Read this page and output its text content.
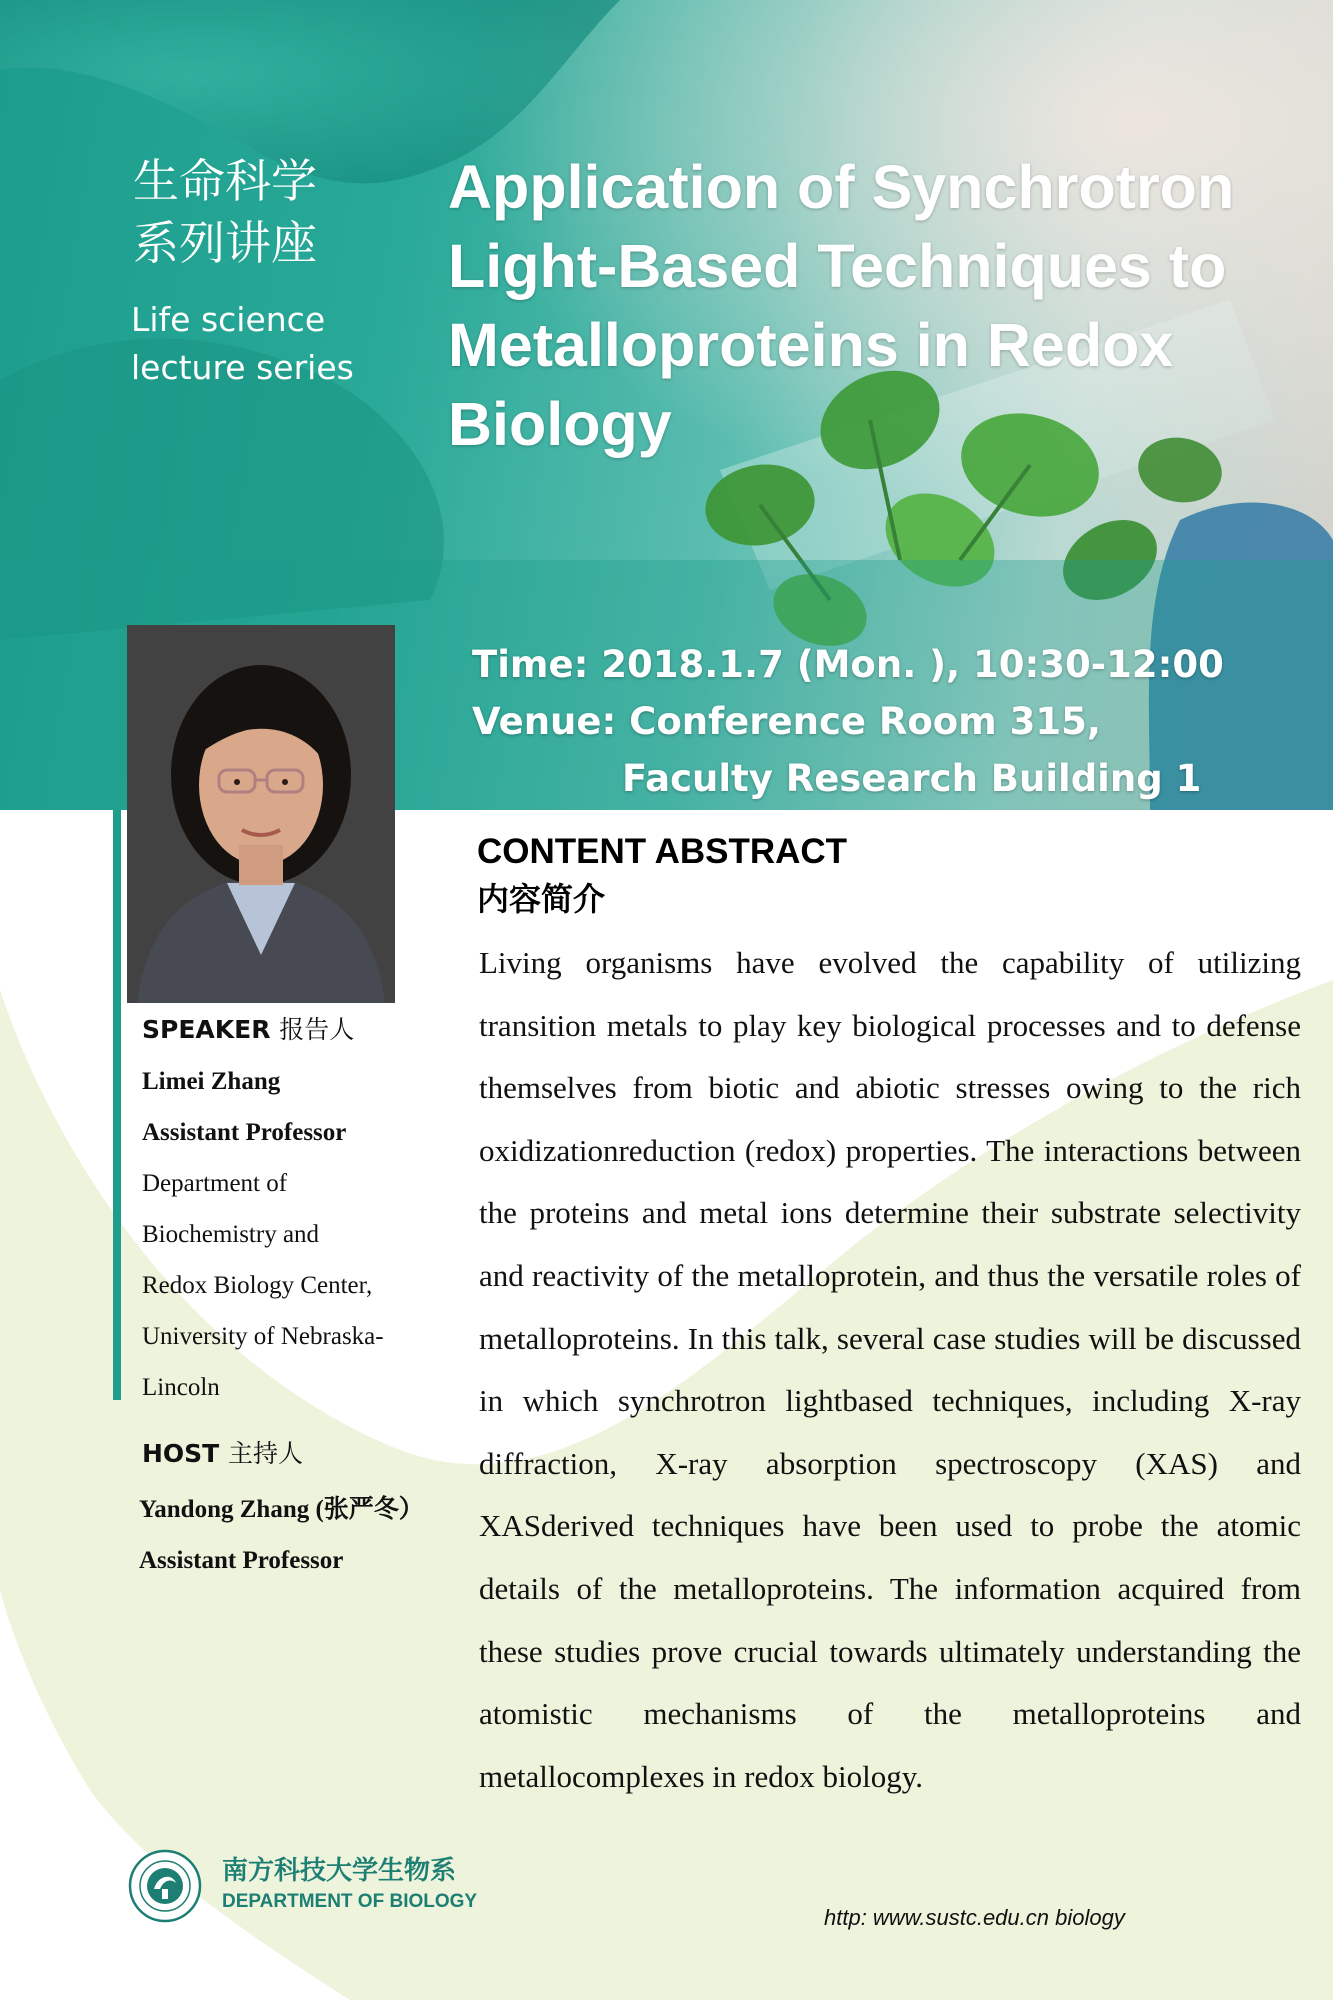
生命科学
系列讲座
Life science
lecture series
Application of Synchrotron Light-Based Techniques to Metalloproteins in Redox Biology
Time: 2018.1.7 (Mon. ), 10:30-12:00
Venue: Conference Room 315,
Faculty Research Building 1

SPEAKER 报告人

Limei Zhang
Assistant Professor
Department of
Biochemistry and
Redox Biology Center,
University of Nebraska-
Lincoln

HOST 主持人

Yandong Zhang (张严冬）
Assistant Professor
CONTENT ABSTRACT
内容简介

Living organisms have evolved the capability of utilizing transition metals to play key biological processes and to defense themselves from biotic and abiotic stresses owing to the rich oxidizationreduction (redox) properties. The interactions between the proteins and metal ions determine their substrate selectivity and reactivity of the metalloprotein, and thus the versatile roles of metalloproteins. In this talk, several case studies will be discussed in which synchrotron lightbased techniques, including X-ray diffraction, X-ray absorption spectroscopy (XAS) and XASderived techniques have been used to probe the atomic details of the metalloproteins. The information acquired from these studies prove crucial towards ultimately understanding the atomistic mechanisms of the metalloproteins and metallocomplexes in redox biology.

南方科技大学生物系
DEPARTMENT OF BIOLOGY
http: www.sustc.edu.cn biology
